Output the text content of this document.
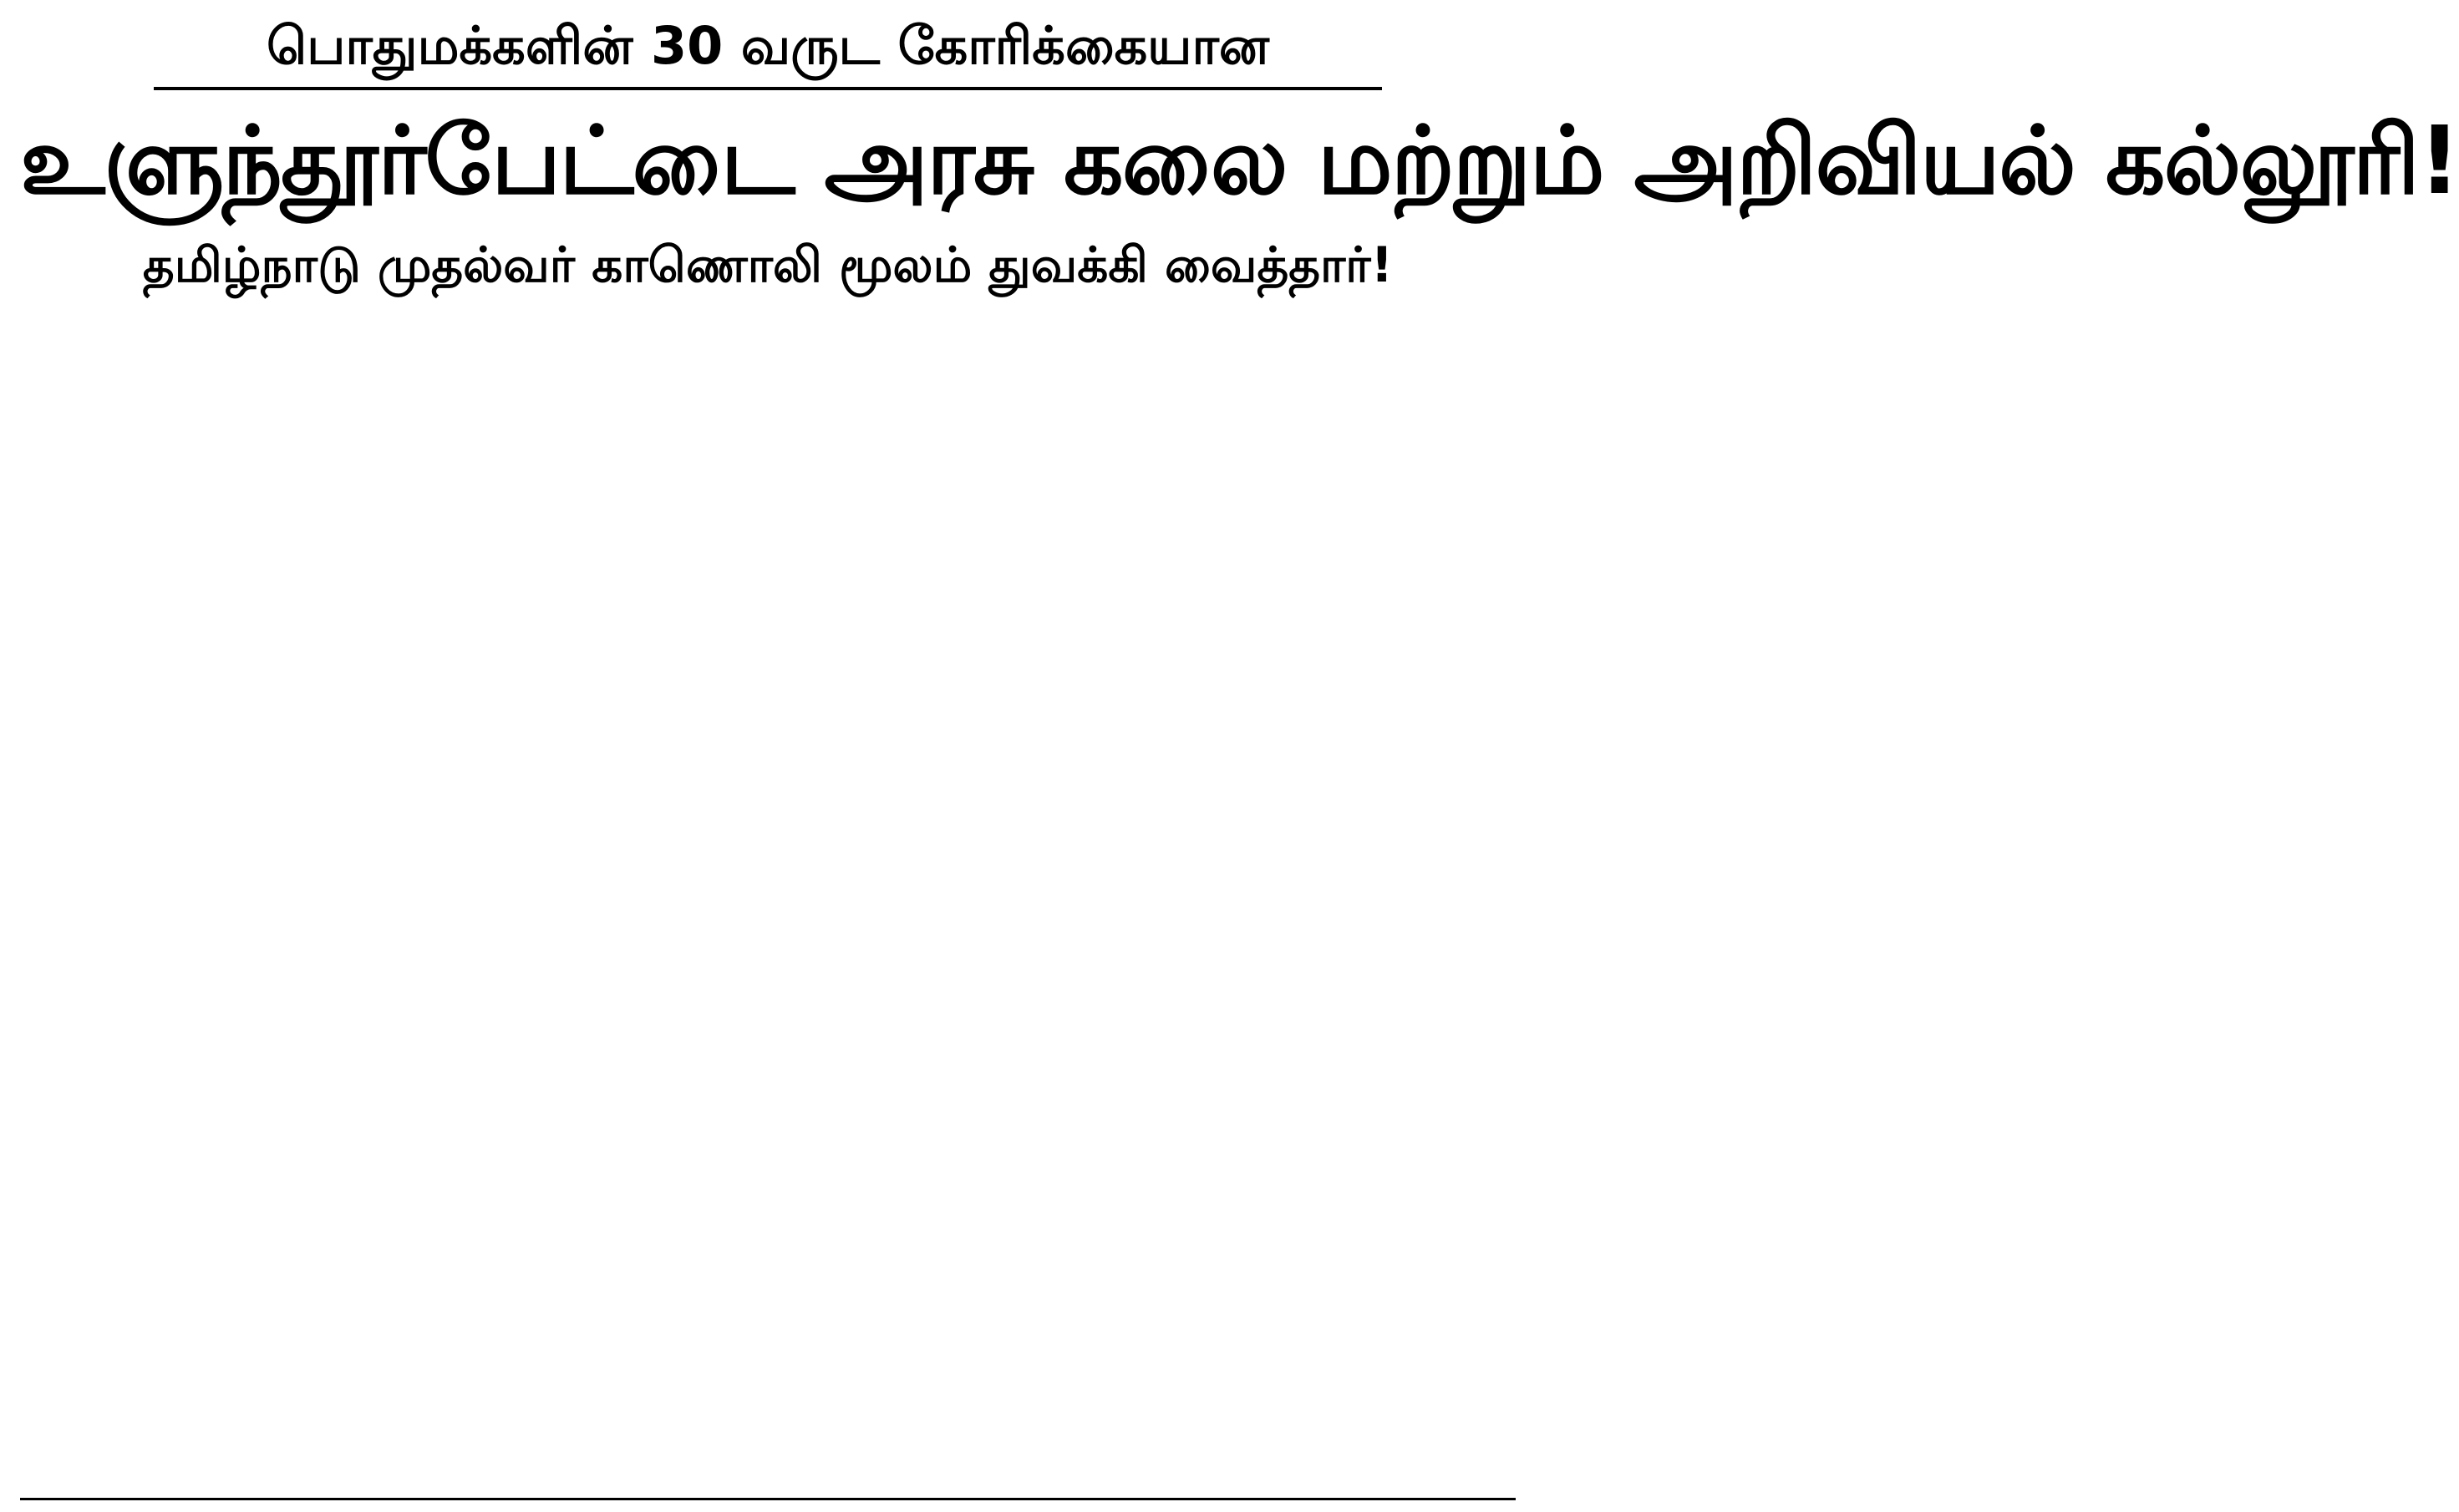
பொதுமக்களின் 30 வருட கோரிக்கையான
உளுந்தூர்பேட்டை அரசு கலை மற்றும் அறிவியல் கல்லூரி!
தமிழ்நாடு முதல்வர் காணொலி மூலம் துவக்கி வைத்தார்!
